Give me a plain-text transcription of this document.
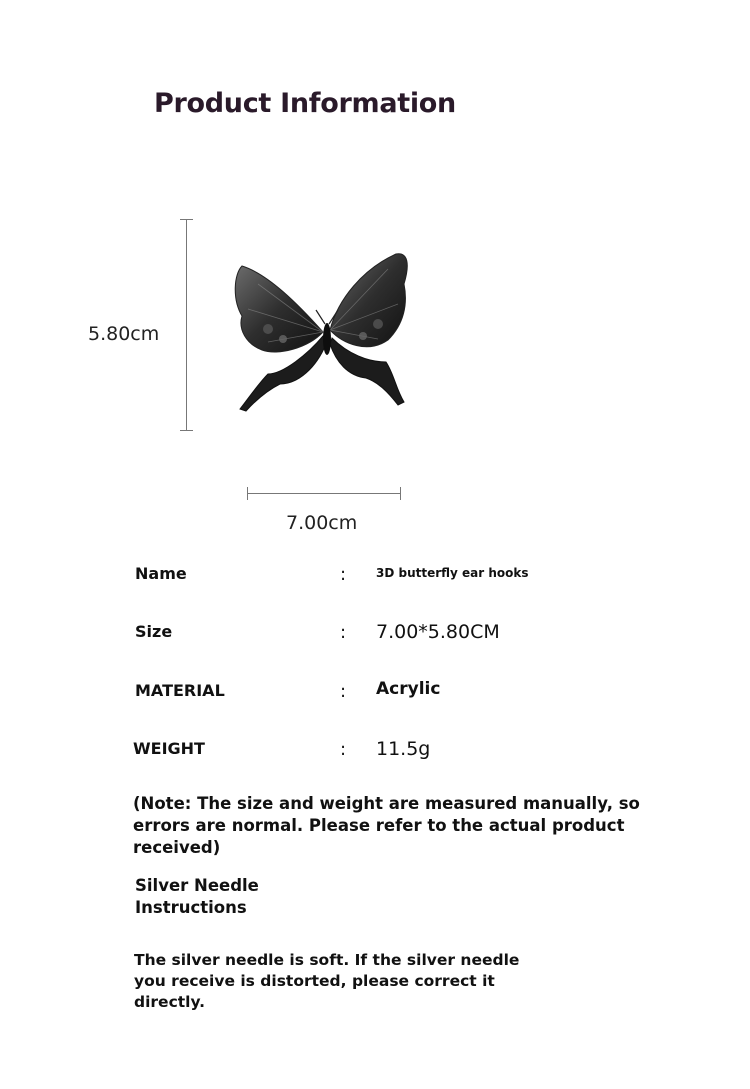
Product Information
5.80cm
7.00cm
Name	: 3D butterfly ear hooks
Size	: 7.00*5.80CM
MATERIAL	: Acrylic
WEIGHT	: 11.5g
(Note: The size and weight are measured manually, so errors are normal. Please refer to the actual product received)
Silver Needle Instructions
The silver needle is soft. If the silver needle you receive is distorted, please correct it directly.
